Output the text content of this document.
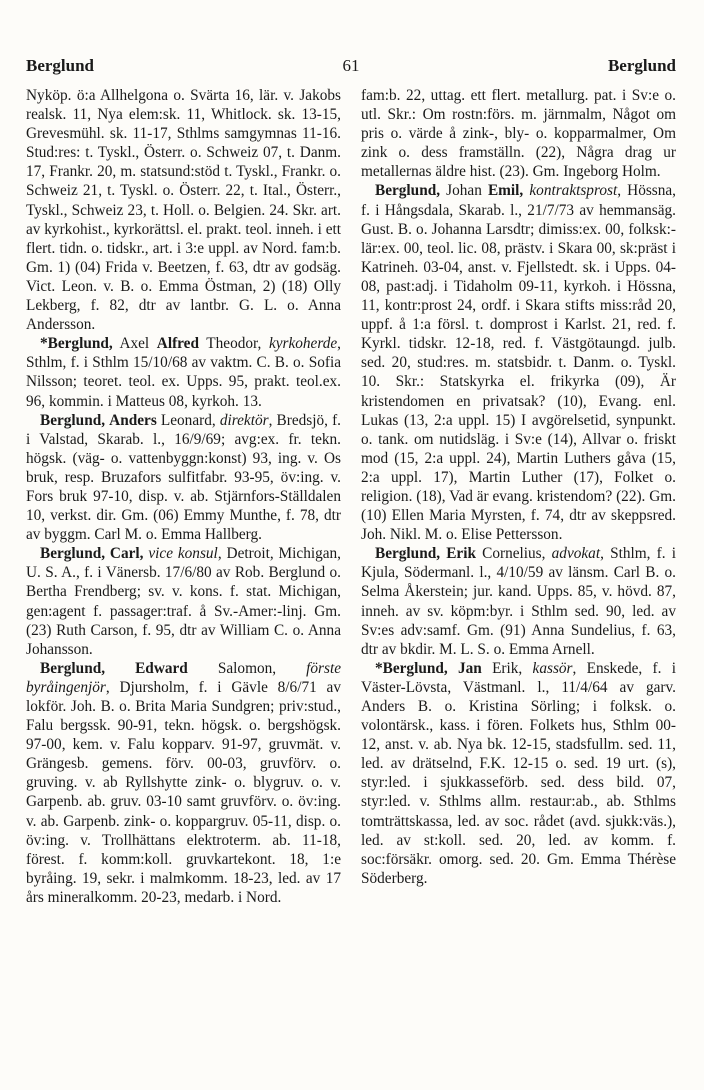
Berglund	61	Berglund

Nyköp. ö:a Allhelgona o. Svärta 16, lär. v. Jakobs realsk. 11, Nya elem:sk. 11, Whitlock. sk. 13-15, Grevesmühl. sk. 11-17, Sthlms samgymnas 11-16. Stud:res: t. Tyskl., Österr. o. Schweiz 07, t. Danm. 17, Frankr. 20, m. statsund:stöd t. Tyskl., Frankr. o. Schweiz 21, t. Tyskl. o. Österr. 22, t. Ital., Österr., Tyskl., Schweiz 23, t. Holl. o. Belgien. 24. Skr. art. av kyrkohist., kyrkorättsl. el. prakt. teol. inneh. i ett flert. tidn. o. tidskr., art. i 3:e uppl. av Nord. fam:b. Gm. 1) (04) Frida v. Beetzen, f. 63, dtr av godsäg. Vict. Leon. v. B. o. Emma Östman, 2) (18) Olly Lekberg, f. 82, dtr av lantbr. G. L. o. Anna Andersson.

*Berglund, Axel Alfred Theodor, kyrkoherde, Sthlm, f. i Sthlm 15/10/68 av vaktm. C. B. o. Sofia Nilsson; teoret. teol. ex. Upps. 95, prakt. teol.ex. 96, kommin. i Matteus 08, kyrkoh. 13.

Berglund, Anders Leonard, direktör, Bredsjö, f. i Valstad, Skarab. l., 16/9/69; avg:ex. fr. tekn. högsk. (väg- o. vattenbyggn:konst) 93, ing. v. Os bruk, resp. Bruzafors sulfitfabr. 93-95, öv:ing. v. Fors bruk 97-10, disp. v. ab. Stjärnfors-Ställdalen 10, verkst. dir. Gm. (06) Emmy Munthe, f. 78, dtr av byggm. Carl M. o. Emma Hallberg.

Berglund, Carl, vice konsul, Detroit, Michigan, U. S. A., f. i Vänersb. 17/6/80 av Rob. Berglund o. Bertha Frendberg; sv. v. kons. f. stat. Michigan, gen:agent f. passager:traf. å Sv.-Amer:-linj. Gm. (23) Ruth Carson, f. 95, dtr av William C. o. Anna Johansson.

Berglund, Edward Salomon, förste byråingenjör, Djursholm, f. i Gävle 8/6/71 av lokför. Joh. B. o. Brita Maria Sundgren; priv:stud., Falu bergssk. 90-91, tekn. högsk. o. bergshögsk. 97-00, kem. v. Falu kopparv. 91-97, gruvmät. v. Grängesb. gemens. förv. 00-03, gruvförv. o. gruving. v. ab Ryllshytte zink- o. blygruv. o. v. Garpenb. ab. gruv. 03-10 samt gruvförv. o. öv:ing. v. ab. Garpenb. zink- o. koppargruv. 05-11, disp. o. öv:ing. v. Trollhättans elektroterm. ab. 11-18, förest. f. komm:koll. gruvkartekont. 18, 1:e byråing. 19, sekr. i malmkomm. 18-23, led. av 17 års mineralkomm. 20-23, medarb. i Nord.

fam:b. 22, uttag. ett flert. metallurg. pat. i Sv:e o. utl. Skr.: Om rostn:förs. m. järnmalm, Något om pris o. värde å zink-, bly- o. kopparmalmer, Om zink o. dess framställn. (22), Några drag ur metallernas äldre hist. (23). Gm. Ingeborg Holm.

Berglund, Johan Emil, kontraktsprost, Hössna, f. i Hångsdala, Skarab. l., 21/7/73 av hemmansäg. Gust. B. o. Johanna Larsdtr; dimiss:ex. 00, folksk:-lär:ex. 00, teol. lic. 08, prästv. i Skara 00, sk:präst i Katrineh. 03-04, anst. v. Fjellstedt. sk. i Upps. 04-08, past:adj. i Tidaholm 09-11, kyrkoh. i Hössna, 11, kontr:prost 24, ordf. i Skara stifts miss:råd 20, uppf. å 1:a försl. t. domprost i Karlst. 21, red. f. Kyrkl. tidskr. 12-18, red. f. Västgötaungd. julb. sed. 20, stud:res. m. statsbidr. t. Danm. o. Tyskl. 10. Skr.: Statskyrka el. frikyrka (09), Är kristendomen en privatsak? (10), Evang. enl. Lukas (13, 2:a uppl. 15) I avgörelsetid, synpunkt. o. tank. om nutidsläg. i Sv:e (14), Allvar o. friskt mod (15, 2:a uppl. 24), Martin Luthers gåva (15, 2:a uppl. 17), Martin Luther (17), Folket o. religion. (18), Vad är evang. kristendom? (22). Gm. (10) Ellen Maria Myrsten, f. 74, dtr av skeppsred. Joh. Nikl. M. o. Elise Pettersson.

Berglund, Erik Cornelius, advokat, Sthlm, f. i Kjula, Södermanl. l., 4/10/59 av länsm. Carl B. o. Selma Åkerstein; jur. kand. Upps. 85, v. hövd. 87, inneh. av sv. köpm:byr. i Sthlm sed. 90, led. av Sv:es adv:samf. Gm. (91) Anna Sundelius, f. 63, dtr av bkdir. M. L. S. o. Emma Arnell.

*Berglund, Jan Erik, kassör, Enskede, f. i Väster-Lövsta, Västmanl. l., 11/4/64 av garv. Anders B. o. Kristina Sörling; i folksk. o. volontärsk., kass. i fören. Folkets hus, Sthlm 00-12, anst. v. ab. Nya bk. 12-15, stadsfullm. sed. 11, led. av drätselnd, F.K. 12-15 o. sed. 19 urt. (s), styr:led. i sjukkasseförb. sed. dess bild. 07, styr:led. v. Sthlms allm. restaur:ab., ab. Sthlms tomträttskassa, led. av soc. rådet (avd. sjukk:väs.), led. av st:koll. sed. 20, led. av komm. f. soc:försäkr. omorg. sed. 20. Gm. Emma Thérèse Söderberg.
